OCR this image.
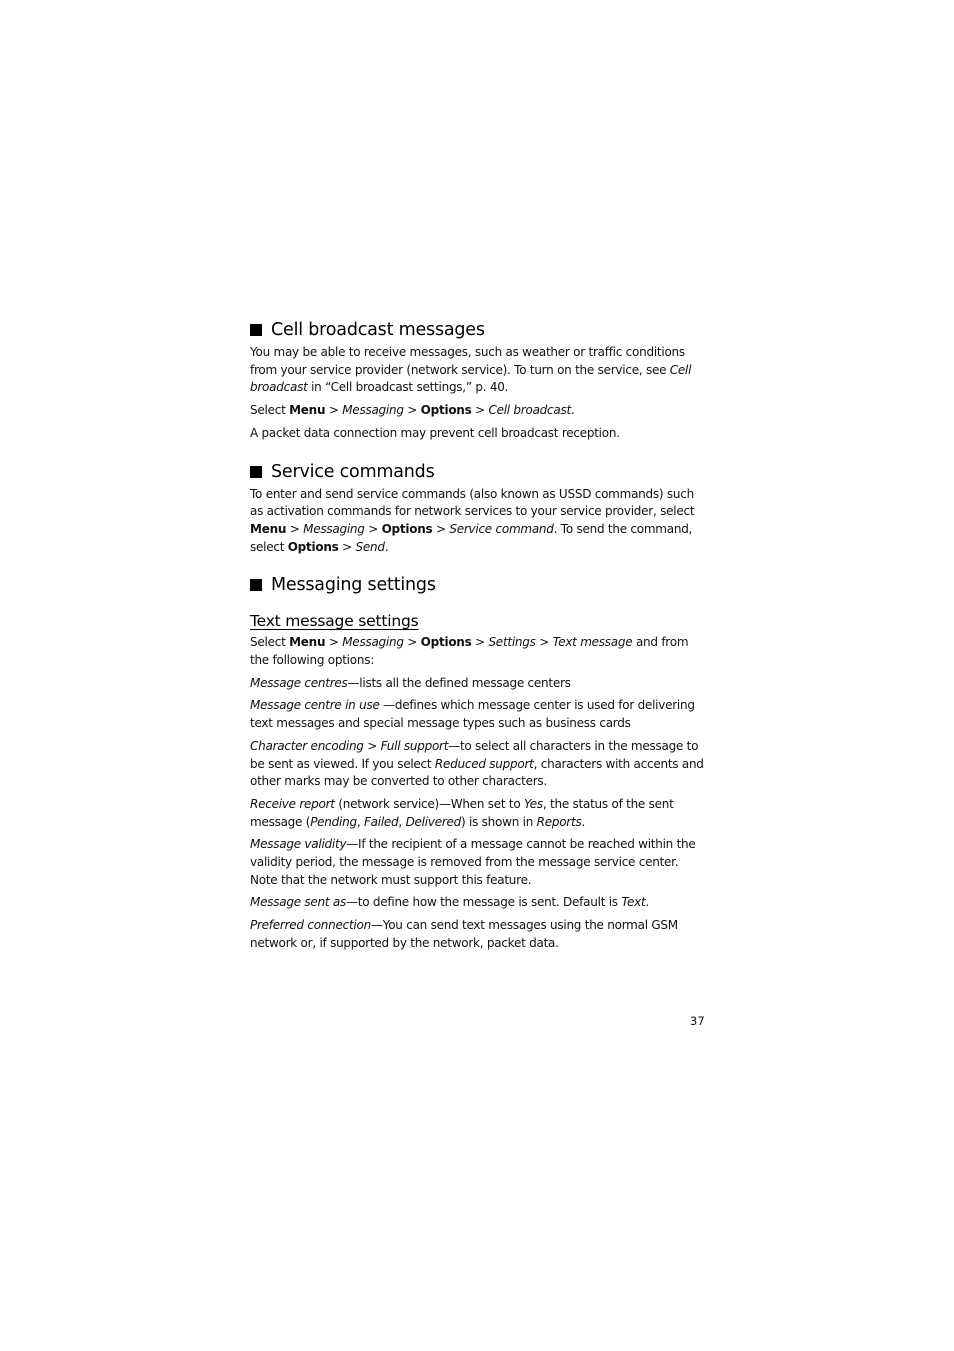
Cell broadcast messages

You may be able to receive messages, such as weather or traffic conditions from your service provider (network service). To turn on the service, see Cell broadcast in “Cell broadcast settings,” p. 40.

Select Menu > Messaging > Options > Cell broadcast.

A packet data connection may prevent cell broadcast reception.

Service commands

To enter and send service commands (also known as USSD commands) such as activation commands for network services to your service provider, select Menu > Messaging > Options > Service command. To send the command, select Options > Send.

Messaging settings
Text message settings

Select Menu > Messaging > Options > Settings > Text message and from the following options:

Message centres—lists all the defined message centers

Message centre in use —defines which message center is used for delivering text messages and special message types such as business cards

Character encoding > Full support—to select all characters in the message to be sent as viewed. If you select Reduced support, characters with accents and other marks may be converted to other characters.

Receive report (network service)—When set to Yes, the status of the sent message (Pending, Failed, Delivered) is shown in Reports.

Message validity—If the recipient of a message cannot be reached within the validity period, the message is removed from the message service center. Note that the network must support this feature.

Message sent as—to define how the message is sent. Default is Text.

Preferred connection—You can send text messages using the normal GSM network or, if supported by the network, packet data.

37
